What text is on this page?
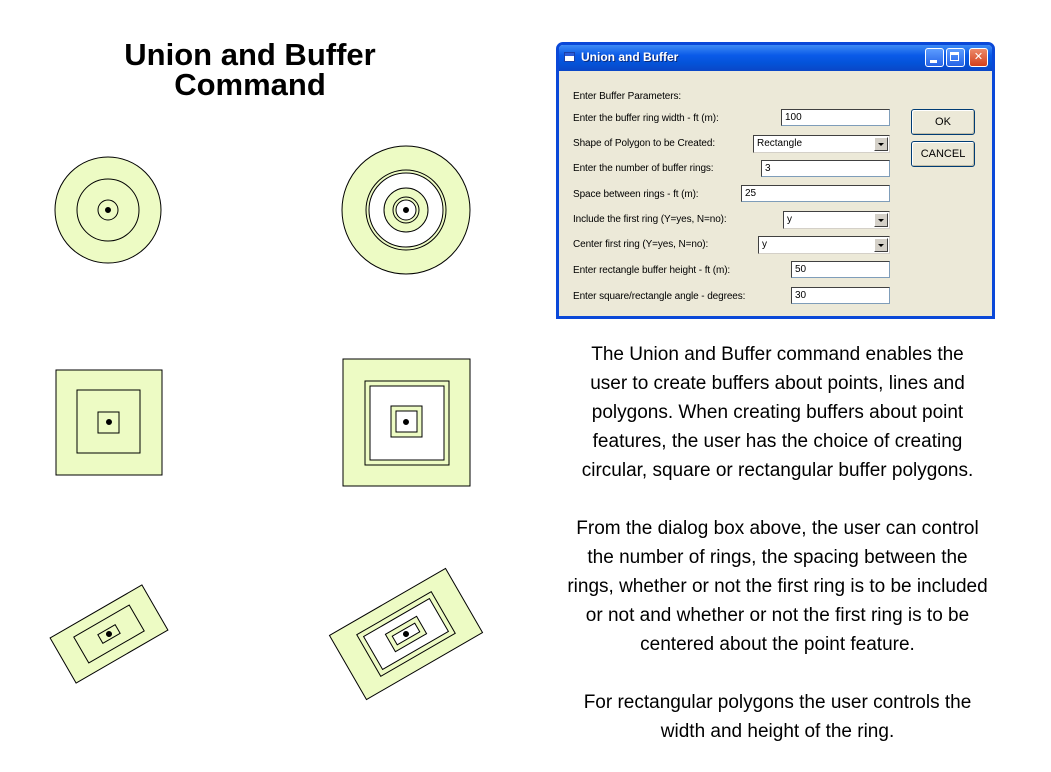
Union and Buffer
Command
Union and Buffer	✕
Enter Buffer Parameters:
Enter the buffer ring width - ft (m):	100
Shape of Polygon to be Created:	Rectangle
Enter the number of buffer rings:	3
Space between rings - ft (m):	25
Include the first ring (Y=yes, N=no):	y
Center first ring (Y=yes, N=no):	y
Enter rectangle buffer height - ft (m):	50
Enter square/rectangle angle - degrees:	30
OK
CANCEL

The Union and Buffer command enables the

user to create buffers about points, lines and

polygons. When creating buffers about point

features, the user has the choice of creating

circular, square or rectangular buffer polygons.

From the dialog box above, the user can control

the number of rings, the spacing between the

rings, whether or not the first ring is to be included

or not and whether or not the first ring is to be

centered about the point feature.

For rectangular polygons the user controls the

width and height of the ring.
